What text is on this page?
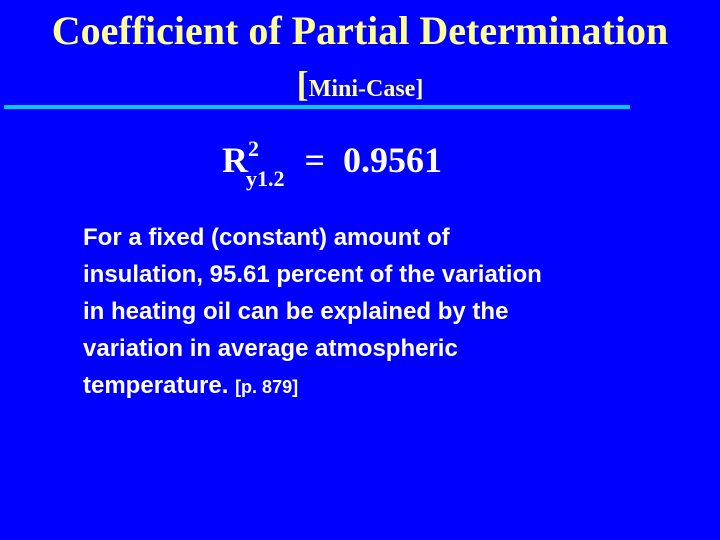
Coefficient of Partial Determination
[Mini-Case]
$R^2_{y1.2} = 0.9561$

For a fixed (constant) amount of
insulation, 95.61 percent of the variation
in heating oil can be explained by the
variation in average atmospheric
temperature. [p. 879]
